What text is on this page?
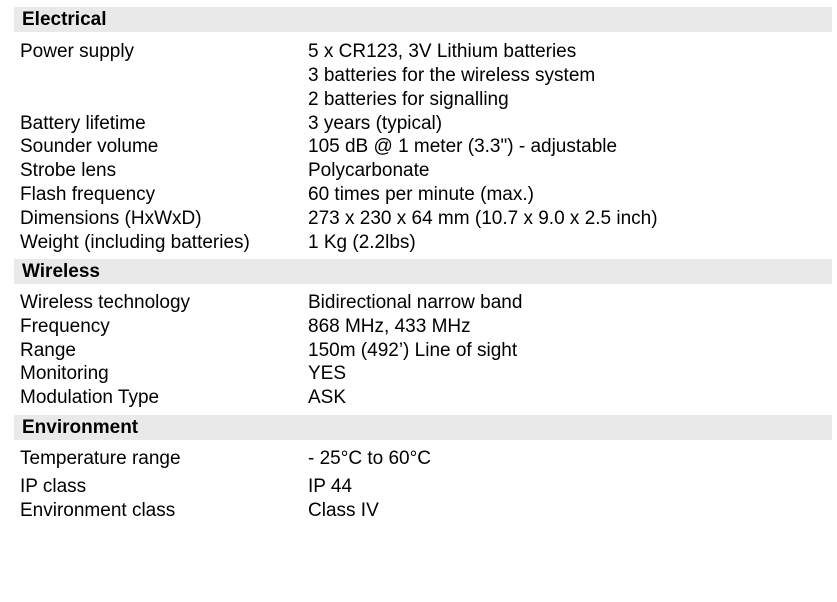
Electrical
Power supply	5 x CR123, 3V Lithium batteries
3 batteries for the wireless system
2 batteries for signalling
Battery lifetime	3 years (typical)
Sounder volume	105 dB @ 1 meter (3.3") - adjustable
Strobe lens	Polycarbonate
Flash frequency	60 times per minute (max.)
Dimensions (HxWxD)	273 x 230 x 64 mm (10.7 x 9.0 x 2.5 inch)
Weight (including batteries)	1 Kg (2.2lbs)
Wireless
Wireless technology	Bidirectional narrow band
Frequency	868 MHz, 433 MHz
Range	150m (492’) Line of sight
Monitoring	YES
Modulation Type	ASK
Environment
Temperature range	- 25°C to 60°C
IP class	IP 44
Environment class	Class IV
